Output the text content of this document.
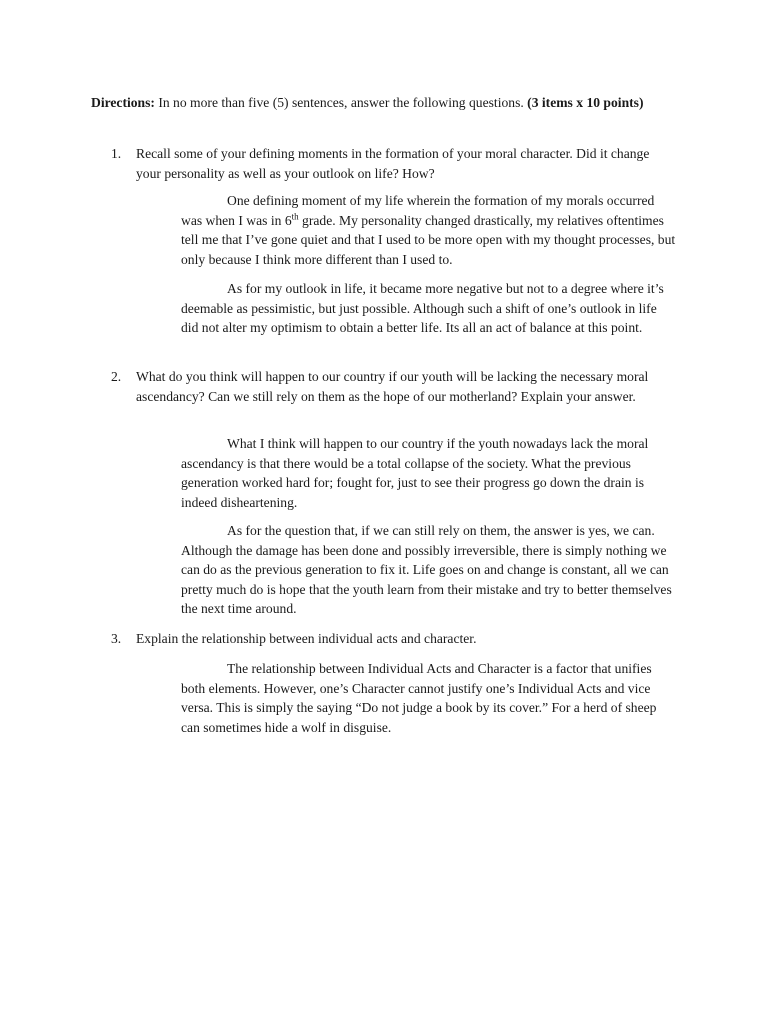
Directions: In no more than five (5) sentences, answer the following questions. (3 items x 10 points)
1.	Recall some of your defining moments in the formation of your moral character. Did it change your personality as well as your outlook on life? How?

One defining moment of my life wherein the formation of my morals occurred was when I was in 6th grade. My personality changed drastically, my relatives oftentimes tell me that I’ve gone quiet and that I used to be more open with my thought processes, but only because I think more different than I used to.

As for my outlook in life, it became more negative but not to a degree where it’s deemable as pessimistic, but just possible. Although such a shift of one’s outlook in life did not alter my optimism to obtain a better life. Its all an act of balance at this point.

2.	What do you think will happen to our country if our youth will be lacking the necessary moral ascendancy? Can we still rely on them as the hope of our motherland? Explain your answer.

What I think will happen to our country if the youth nowadays lack the moral ascendancy is that there would be a total collapse of the society. What the previous generation worked hard for; fought for, just to see their progress go down the drain is indeed disheartening.

As for the question that, if we can still rely on them, the answer is yes, we can. Although the damage has been done and possibly irreversible, there is simply nothing we can do as the previous generation to fix it. Life goes on and change is constant, all we can pretty much do is hope that the youth learn from their mistake and try to better themselves the next time around.

3.	Explain the relationship between individual acts and character.

The relationship between Individual Acts and Character is a factor that unifies both elements. However, one’s Character cannot justify one’s Individual Acts and vice versa. This is simply the saying “Do not judge a book by its cover.” For a herd of sheep can sometimes hide a wolf in disguise.
